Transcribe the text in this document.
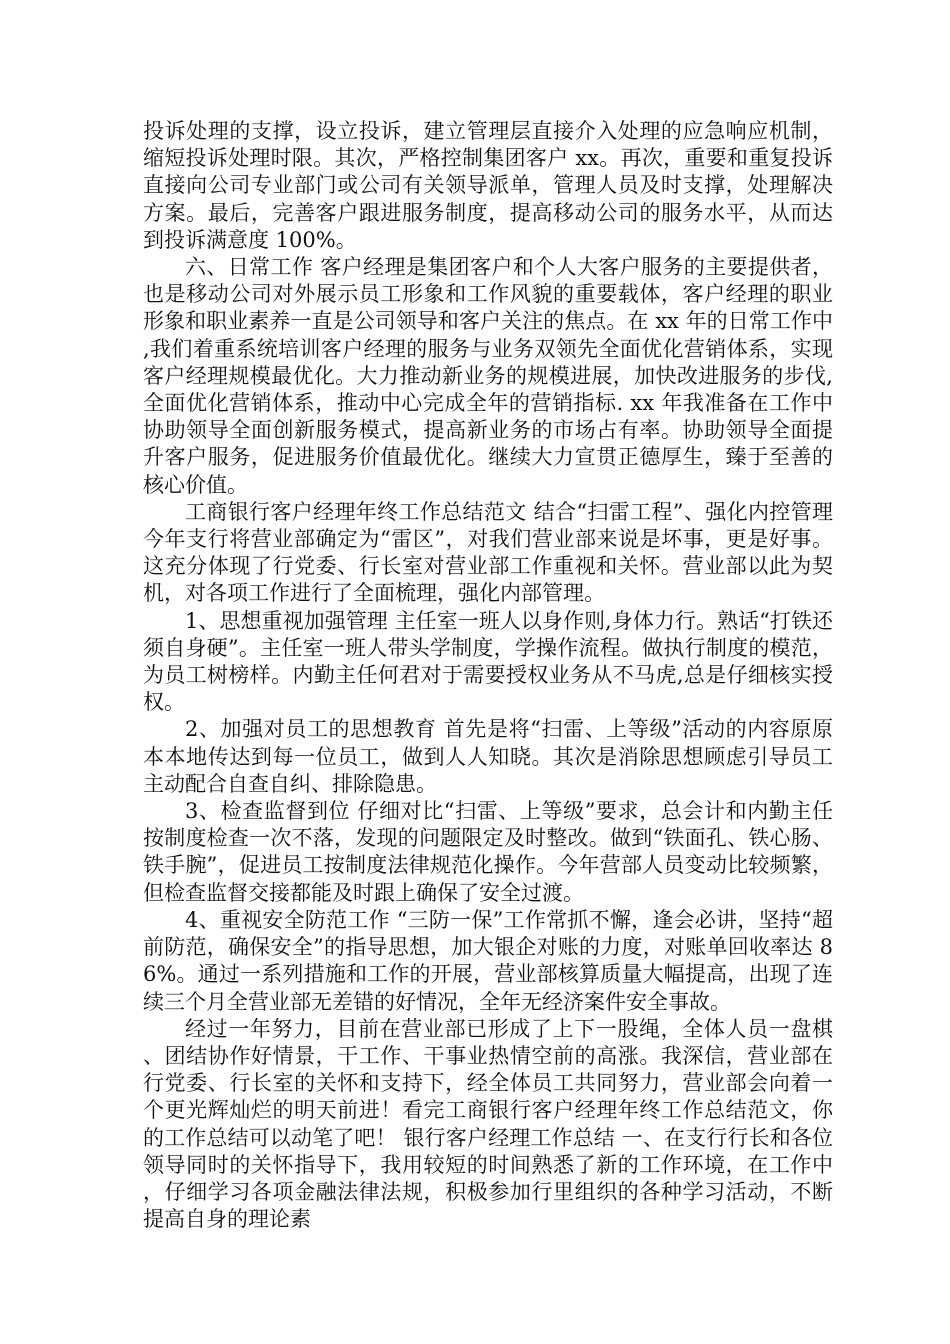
投诉处理的支撑，设立投诉，建立管理层直接介入处理的应急响应机制，缩短投诉处理时限。其次，严格控制集团客户 xx。再次，重要和重复投诉直接向公司专业部门或公司有关领导派单，管理人员及时支撑，处理解决方案。最后，完善客户跟进服务制度，提高移动公司的服务水平，从而达到投诉满意度 100%。

六、日常工作 客户经理是集团客户和个人大客户服务的主要提供者，也是移动公司对外展示员工形象和工作风貌的重要载体，客户经理的职业形象和职业素养一直是公司领导和客户关注的焦点。在 xx 年的日常工作中,我们着重系统培训客户经理的服务与业务双领先全面优化营销体系，实现客户经理规模最优化。大力推动新业务的规模进展，加快改进服务的步伐,全面优化营销体系，推动中心完成全年的营销指标. xx 年我准备在工作中协助领导全面创新服务模式，提高新业务的市场占有率。协助领导全面提升客户服务，促进服务价值最优化。继续大力宣贯正德厚生，臻于至善的核心价值。

工商银行客户经理年终工作总结范文 结合“扫雷工程”、强化内控管理 今年支行将营业部确定为“雷区”，对我们营业部来说是坏事，更是好事。这充分体现了行党委、行长室对营业部工作重视和关怀。营业部以此为契机，对各项工作进行了全面梳理，强化内部管理。

1、思想重视加强管理 主任室一班人以身作则,身体力行。熟话“打铁还须自身硬”。主任室一班人带头学制度，学操作流程。做执行制度的模范，为员工树榜样。内勤主任何君对于需要授权业务从不马虎,总是仔细核实授权。

2、加强对员工的思想教育 首先是将“扫雷、上等级”活动的内容原原本本地传达到每一位员工，做到人人知晓。其次是消除思想顾虑引导员工主动配合自查自纠、排除隐患。

3、检查监督到位 仔细对比“扫雷、上等级”要求，总会计和内勤主任按制度检查一次不落，发现的问题限定及时整改。做到“铁面孔、铁心肠、铁手腕”，促进员工按制度法律规范化操作。今年营部人员变动比较频繁，但检查监督交接都能及时跟上确保了安全过渡。

4、重视安全防范工作 “三防一保”工作常抓不懈，逢会必讲，坚持“超前防范，确保安全”的指导思想，加大银企对账的力度，对账单回收率达 86%。通过一系列措施和工作的开展，营业部核算质量大幅提高，出现了连续三个月全营业部无差错的好情况，全年无经济案件安全事故。

经过一年努力，目前在营业部已形成了上下一股绳，全体人员一盘棋、团结协作好情景，干工作、干事业热情空前的高涨。我深信，营业部在行党委、行长室的关怀和支持下，经全体员工共同努力，营业部会向着一个更光辉灿烂的明天前进！看完工商银行客户经理年终工作总结范文，你的工作总结可以动笔了吧！ 银行客户经理工作总结 一、在支行行长和各位领导同时的关怀指导下，我用较短的时间熟悉了新的工作环境，在工作中，仔细学习各项金融法律法规，积极参加行里组织的各种学习活动，不断提高自身的理论素
